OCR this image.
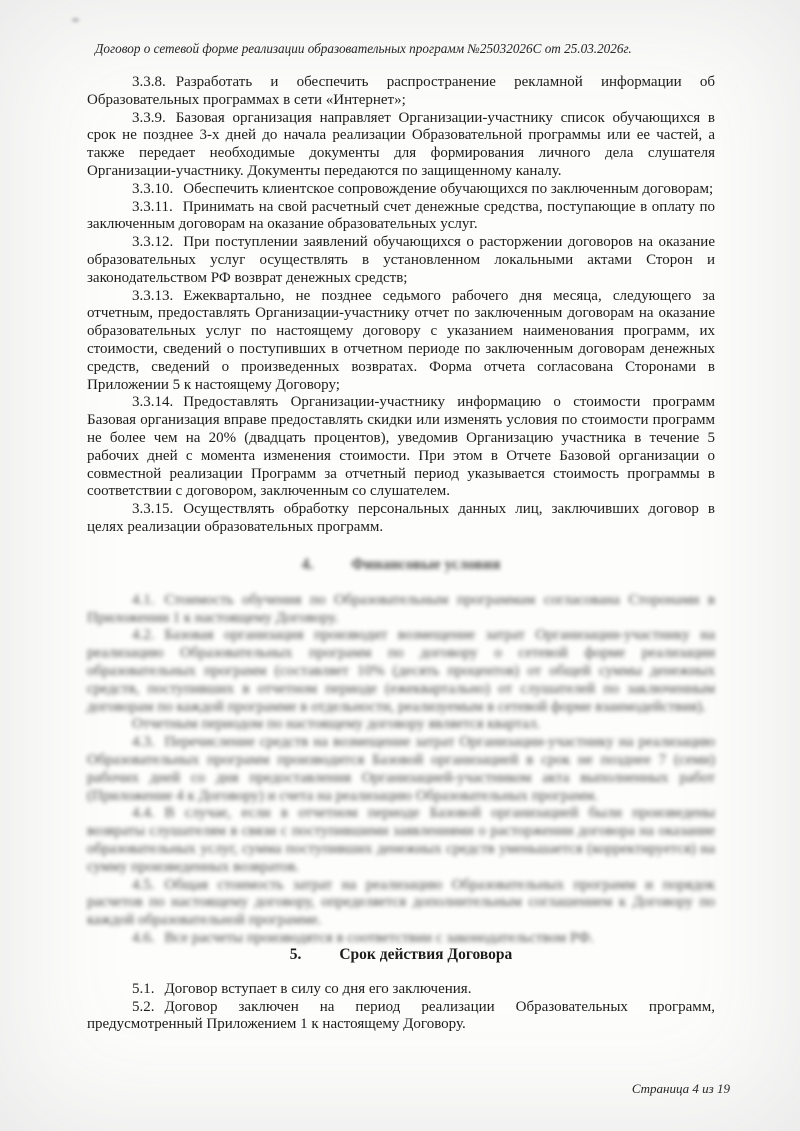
Договор о сетевой форме реализации образовательных программ №25032026С от 25.03.2026г.

3.3.8. Разработать и обеспечить распространение рекламной информации об Образовательных программах в сети «Интернет»;

3.3.9. Базовая организация направляет Организации-участнику список обучающихся в срок не позднее 3-х дней до начала реализации Образовательной программы или ее частей, а также передает необходимые документы для формирования личного дела слушателя Организации-участнику. Документы передаются по защищенному каналу.

3.3.10. Обеспечить клиентское сопровождение обучающихся по заключенным договорам;

3.3.11. Принимать на свой расчетный счет денежные средства, поступающие в оплату по заключенным договорам на оказание образовательных услуг.

3.3.12. При поступлении заявлений обучающихся о расторжении договоров на оказание образовательных услуг осуществлять в установленном локальными актами Сторон и законодательством РФ возврат денежных средств;

3.3.13. Ежеквартально, не позднее седьмого рабочего дня месяца, следующего за отчетным, предоставлять Организации-участнику отчет по заключенным договорам на оказание образовательных услуг по настоящему договору с указанием наименования программ, их стоимости, сведений о поступивших в отчетном периоде по заключенным договорам денежных средств, сведений о произведенных возвратах. Форма отчета согласована Сторонами в Приложении 5 к настоящему Договору;

3.3.14. Предоставлять Организации-участнику информацию о стоимости программ Базовая организация вправе предоставлять скидки или изменять условия по стоимости программ не более чем на 20% (двадцать процентов), уведомив Организацию участника в течение 5 рабочих дней с момента изменения стоимости. При этом в Отчете Базовой организации о совместной реализации Программ за отчетный период указывается стоимость программы в соответствии с договором, заключенным со слушателем.

3.3.15. Осуществлять обработку персональных данных лиц, заключивших договор в целях реализации образовательных программ.

4. Финансовые условия

4.1. Стоимость обучения по Образовательным программам согласована Сторонами в Приложении 1 к настоящему Договору.

4.2. Базовая организация производит возмещение затрат Организации-участнику на реализацию Образовательных программ по договору о сетевой форме реализации образовательных программ (составляет 10% (десять процентов) от общей суммы денежных средств, поступивших в отчетном периоде (ежеквартально) от слушателей по заключенным договорам по каждой программе в отдельности, реализуемым в сетевой форме взаимодействия).

Отчетным периодом по настоящему договору является квартал.

4.3. Перечисление средств на возмещение затрат Организации-участнику на реализацию Образовательных программ производится Базовой организацией в срок не позднее 7 (семи) рабочих дней со дня предоставления Организацией-участником акта выполненных работ (Приложение 4 к Договору) и счета на реализацию Образовательных программ.

4.4. В случае, если в отчетном периоде Базовой организацией были произведены возвраты слушателям в связи с поступившими заявлениями о расторжении договора на оказание образовательных услуг, сумма поступивших денежных средств уменьшается (корректируется) на сумму произведенных возвратов.

4.5. Общая стоимость затрат на реализацию Образовательных программ и порядок расчетов по настоящему договору, определяется дополнительным соглашением к Договору по каждой образовательной программе.

4.6. Все расчеты производятся в соответствии с законодательством РФ.

5. Срок действия Договора

5.1. Договор вступает в силу со дня его заключения.

5.2. Договор заключен на период реализации Образовательных программ, предусмотренный Приложением 1 к настоящему Договору.

Страница 4 из 19
